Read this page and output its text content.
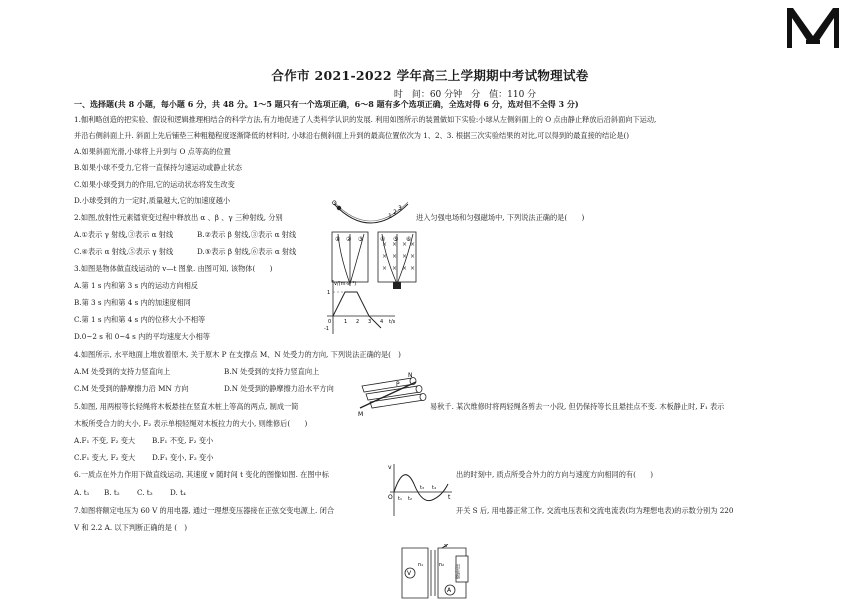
合作市 2021-2022 学年高三上学期期中考试物理试卷
一、选择题(共 8 小题，每小题 6 分，共 48 分。1～5 题只有一个选项正确，6～8 题有多个选项正确，全选对得 6 分，选对但不全得 3 分)
时　间：60 分钟　分　值：110 分
1.伽利略创造的把实验、假设和逻辑推理相结合的科学方法,有力地促进了人类科学认识的发展. 利用如图所示的装置做如下实验:小球从左侧斜面上的 O 点由静止释放后沿斜面向下运动,
并沿右侧斜面上升. 斜面上先后铺垫三种粗糙程度逐渐降低的材料时, 小球沿右侧斜面上升到的最高位置依次为 1、2、3. 根据三次实验结果的对比,可以得到的最直接的结论是()
A.如果斜面光滑,小球将上升到与 O 点等高的位置
B.如果小球不受力,它将一直保持匀速运动或静止状态
C.如果小球受到力的作用,它的运动状态将发生改变
D.小球受到的力一定时,质量越大,它的加速度越小	O
1
2
3
2.如图,放射性元素镭衰变过程中释放出 α 、β 、γ 三种射线, 分别	进入匀强电场和匀强磁场中, 下列说法正确的是(　　)
A.①表示 γ 射线,③表示 α 射线	B.②表示 β 射线,③表示 α 射线
C.④表示 α 射线,⑤表示 γ 射线	D.⑤表示 β 射线,⑥表示 α 射线
① ② ③
× × × ×
× × × ×
× × × ×
④ ⑤ ⑥
3.如图是物体做直线运动的 v—t 图象. 由图可知, 该物体(　　)
A.第 1 s 内和第 3 s 内的运动方向相反
B.第 3 s 内和第 4 s 内的加速度相同
C.第 1 s 内和第 4 s 内的位移大小不相等
D.0~2 s 和 0~4 s 内的平均速度大小相等
v/(m·s⁻¹)
t/s
1
-1
0	1 2 3 4
4.如图所示, 水平地面上堆放着原木, 关于原木 P 在支撑点 M、N 处受力的方向, 下列说法正确的是(　)
A.M 处受到的支持力竖直向上	B.N 处受到的支持力竖直向上
C.M 处受到的静摩擦力沿 MN 方向	D.N 处受到的静摩擦力沿水平方向
N
P
M
5.如图, 用两根等长轻绳将木板悬挂在竖直木桩上等高的两点, 制成一简	易秋千. 某次维修时将两轻绳各剪去一小段, 但仍保持等长且悬挂点不变. 木板静止时, F₁ 表示
木板所受合力的大小, F₂ 表示单根轻绳对木板拉力的大小, 则维修后(　　)
A.F₁ 不变, F₂ 变大 B.F₁ 不变, F₂ 变小
C.F₁ 变大, F₂ 变大 D.F₁ 变小, F₂ 变小
6.一质点在外力作用下做直线运动, 其速度 v 随时间 t 变化的图像如图. 在图中标	出的时刻中, 质点所受合外力的方向与速度方向相同的有(　　)
A. t₁ B. t₂ C. t₃ D. t₄
v
t
O t₁ t₂
t₃ t₄
7.如图将额定电压为 60 V 的用电器, 通过一理想变压器接在正弦交变电源上. 闭合	开关 S 后, 用电器正常工作, 交流电压表和交流电流表(均为理想电表)的示数分别为 220
V 和 2.2 A. 以下判断正确的是 (　)
V
A
S
n₁	n₂ 用电器
